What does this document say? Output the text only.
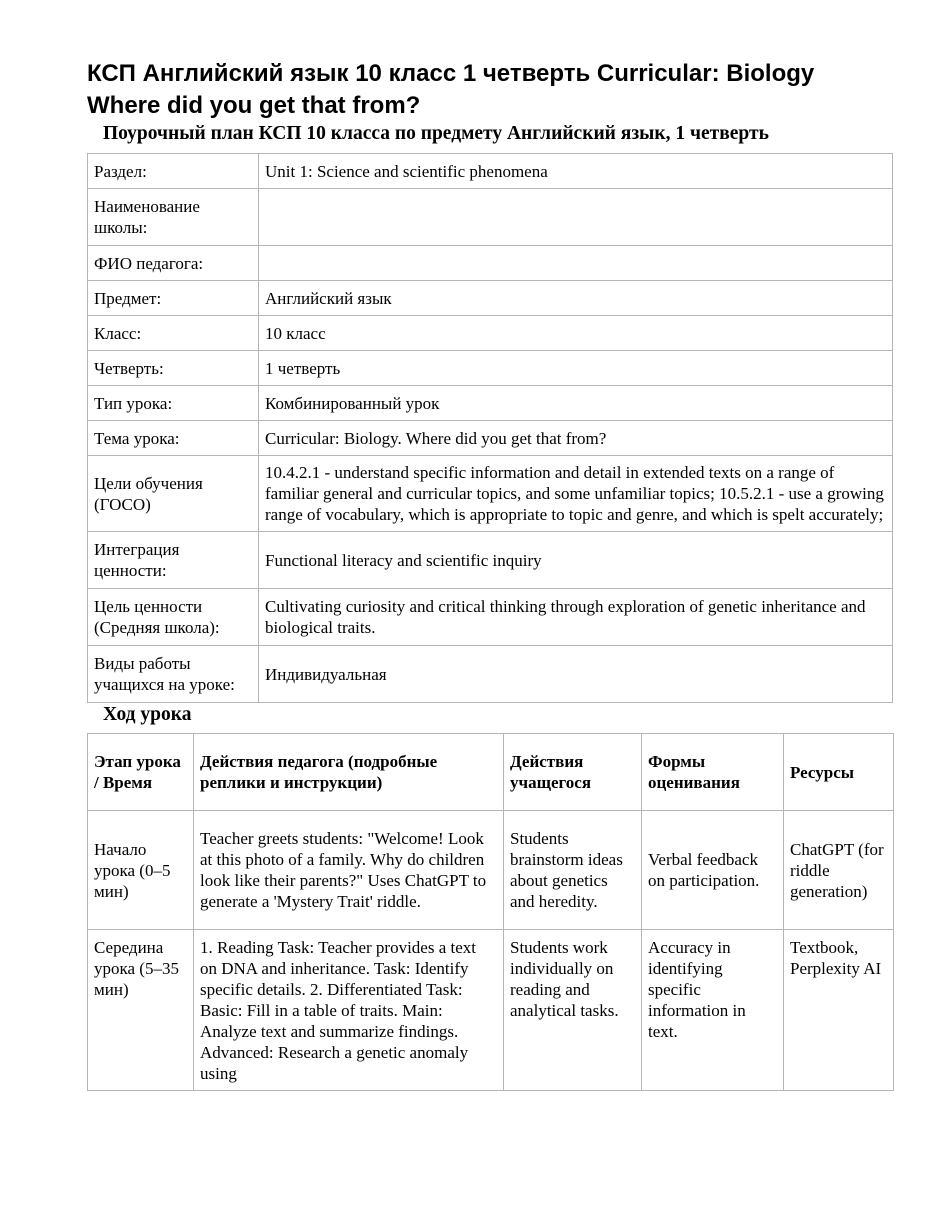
КСП Английский язык 10 класс 1 четверть Curricular: Biology Where did you get that from?
Поурочный план КСП 10 класса по предмету Английский язык, 1 четверть
Раздел:	Unit 1: Science and scientific phenomena
Наименование школы:	
ФИО педагога:	
Предмет:	Английский язык
Класс:	10 класс
Четверть:	1 четверть
Тип урока:	Комбинированный урок
Тема урока:	Curricular: Biology. Where did you get that from?
Цели обучения (ГОСО)	10.4.2.1 - understand specific information and detail in extended texts on a range of familiar general and curricular topics, and some unfamiliar topics; 10.5.2.1 - use a growing range of vocabulary, which is appropriate to topic and genre, and which is spelt accurately;
Интеграция ценности:	Functional literacy and scientific inquiry
Цель ценности (Средняя школа):	Cultivating curiosity and critical thinking through exploration of genetic inheritance and biological traits.
Виды работы учащихся на уроке:	Индивидуальная
Ход урока
Этап урока / Время	Действия педагога (подробные реплики и инструкции)	Действия учащегося	Формы оценивания	Ресурсы
Начало урока (0–5 мин)	Teacher greets students: "Welcome! Look at this photo of a family. Why do children look like their parents?" Uses ChatGPT to generate a 'Mystery Trait' riddle.	Students brainstorm ideas about genetics and heredity.	Verbal feedback on participation.	ChatGPT (for riddle generation)
Середина урока (5–35 мин)	1. Reading Task: Teacher provides a text on DNA and inheritance. Task: Identify specific details. 2. Differentiated Task: Basic: Fill in a table of traits. Main: Analyze text and summarize findings. Advanced: Research a genetic anomaly using	Students work individually on reading and analytical tasks.	Accuracy in identifying specific information in text.	Textbook, Perplexity AI
